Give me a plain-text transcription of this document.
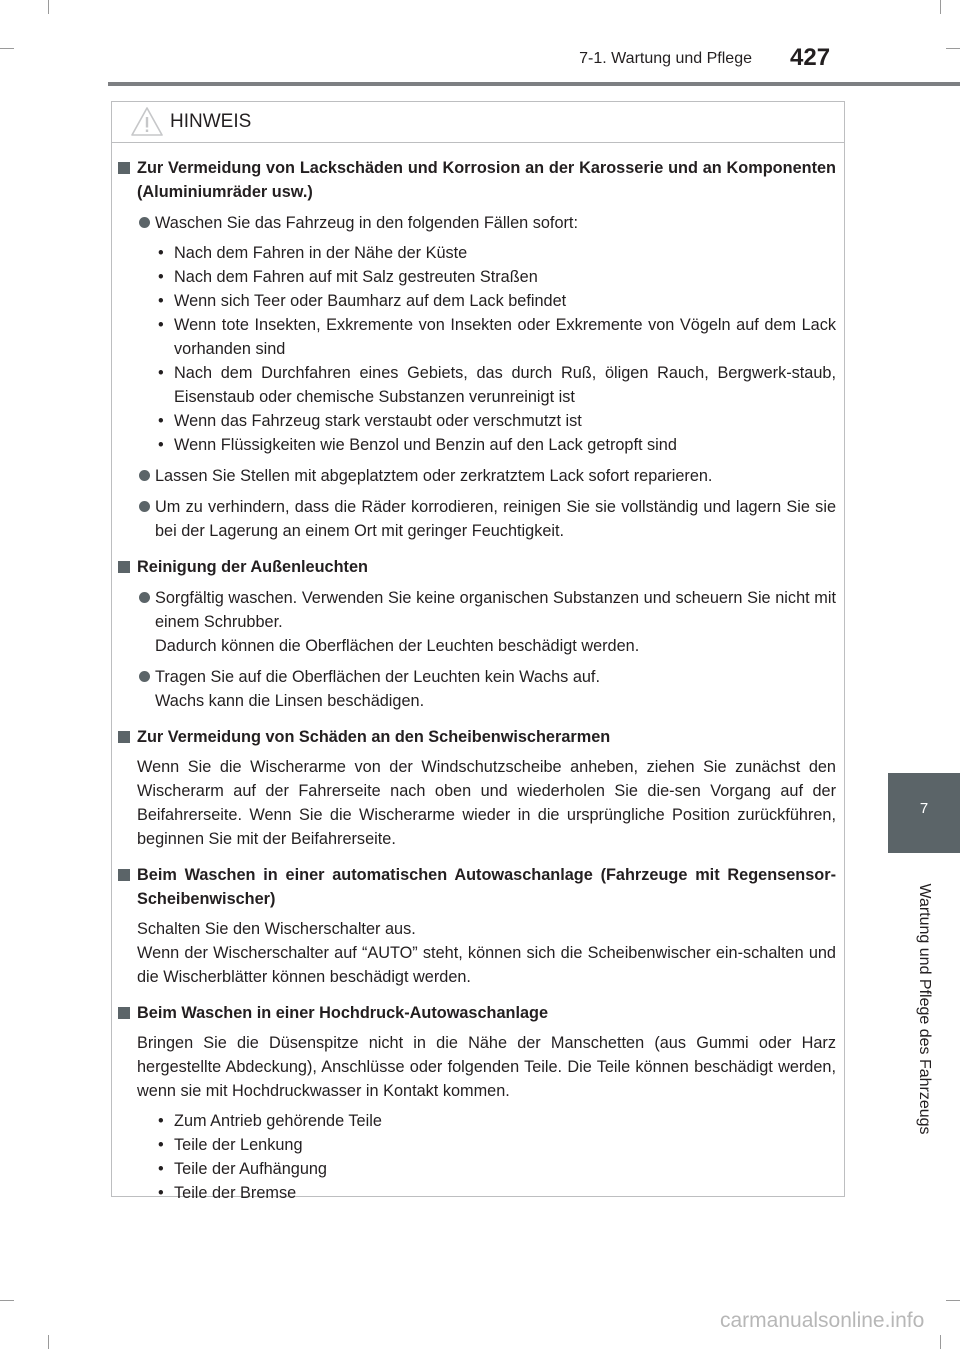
7-1. Wartung und Pflege 427
7
Wartung und Pflege des Fahrzeugs
HINWEIS
Zur Vermeidung von Lackschäden und Korrosion an der Karosserie und an Komponenten (Aluminiumräder usw.)
Waschen Sie das Fahrzeug in den folgenden Fällen sofort:
• Nach dem Fahren in der Nähe der Küste
• Nach dem Fahren auf mit Salz gestreuten Straßen
• Wenn sich Teer oder Baumharz auf dem Lack befindet
• Wenn tote Insekten, Exkremente von Insekten oder Exkremente von Vögeln auf dem Lack vorhanden sind
• Nach dem Durchfahren eines Gebiets, das durch Ruß, öligen Rauch, Bergwerk-staub, Eisenstaub oder chemische Substanzen verunreinigt ist
• Wenn das Fahrzeug stark verstaubt oder verschmutzt ist
• Wenn Flüssigkeiten wie Benzol und Benzin auf den Lack getropft sind
Lassen Sie Stellen mit abgeplatztem oder zerkratztem Lack sofort reparieren.
Um zu verhindern, dass die Räder korrodieren, reinigen Sie sie vollständig und lagern Sie sie bei der Lagerung an einem Ort mit geringer Feuchtigkeit.
Reinigung der Außenleuchten
Sorgfältig waschen. Verwenden Sie keine organischen Substanzen und scheuern Sie nicht mit einem Schrubber.
Dadurch können die Oberflächen der Leuchten beschädigt werden.
Tragen Sie auf die Oberflächen der Leuchten kein Wachs auf.
Wachs kann die Linsen beschädigen.
Zur Vermeidung von Schäden an den Scheibenwischerarmen

Wenn Sie die Wischerarme von der Windschutzscheibe anheben, ziehen Sie zunächst den Wischerarm auf der Fahrerseite nach oben und wiederholen Sie die-sen Vorgang auf der Beifahrerseite. Wenn Sie die Wischerarme wieder in die ursprüngliche Position zurückführen, beginnen Sie mit der Beifahrerseite.

Beim Waschen in einer automatischen Autowaschanlage (Fahrzeuge mit Regensensor-Scheibenwischer)

Schalten Sie den Wischerschalter aus.

Wenn der Wischerschalter auf “AUTO” steht, können sich die Scheibenwischer ein-schalten und die Wischerblätter können beschädigt werden.

Beim Waschen in einer Hochdruck-Autowaschanlage

Bringen Sie die Düsenspitze nicht in die Nähe der Manschetten (aus Gummi oder Harz hergestellte Abdeckung), Anschlüsse oder folgenden Teile. Die Teile können beschädigt werden, wenn sie mit Hochdruckwasser in Kontakt kommen.

• Zum Antrieb gehörende Teile
• Teile der Lenkung
• Teile der Aufhängung
• Teile der Bremse
carmanualsonline.info
